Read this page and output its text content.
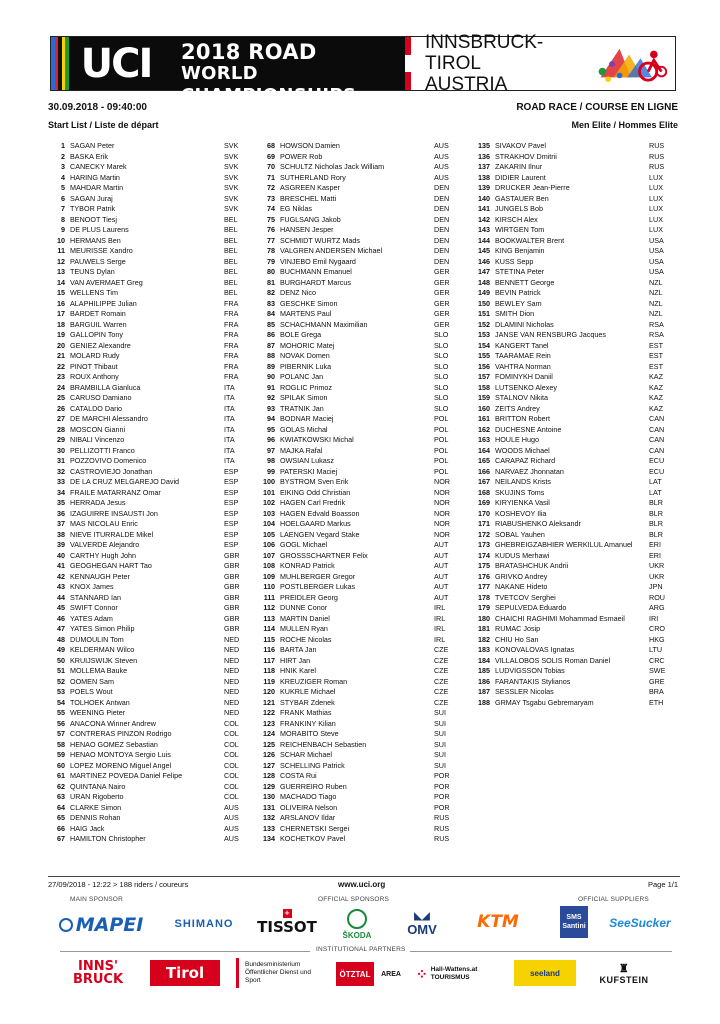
UCI 2018 ROAD
WORLD CHAMPIONSHIPS
INNSBRUCK-TIROL
AUSTRIA
30.09.2018 - 09:40:00	ROAD RACE / COURSE EN LIGNE
Start List / Liste de départ	Men Elite / Hommes Elite
1 SAGAN Peter	SVK
2 BASKA Erik	SVK
3 CANECKY Marek	SVK
4 HARING Martin	SVK
5 MAHDAR Martin	SVK
6 SAGAN Juraj	SVK
7 TYBOR Patrik	SVK
8 BENOOT Tiesj	BEL
9 DE PLUS Laurens	BEL
10 HERMANS Ben	BEL
11 MEURISSE Xandro	BEL
12 PAUWELS Serge	BEL
13 TEUNS Dylan	BEL
14 VAN AVERMAET Greg	BEL
15 WELLENS Tim	BEL
16 ALAPHILIPPE Julian	FRA
17 BARDET Romain	FRA
18 BARGUIL Warren	FRA
19 GALLOPIN Tony	FRA
20 GENIEZ Alexandre	FRA
21 MOLARD Rudy	FRA
22 PINOT Thibaut	FRA
23 ROUX Anthony	FRA
24 BRAMBILLA Gianluca	ITA
25 CARUSO Damiano	ITA
26 CATALDO Dario	ITA
27 DE MARCHI Alessandro	ITA
28 MOSCON Gianni	ITA
29 NIBALI Vincenzo	ITA
30 PELLIZOTTI Franco	ITA
31 POZZOVIVO Domenico	ITA
32 CASTROVIEJO Jonathan	ESP
33 DE LA CRUZ MELGAREJO David	ESP
34 FRAILE MATARRANZ Omar	ESP
35 HERRADA Jesus	ESP
36 IZAGUIRRE INSAUSTI Jon	ESP
37 MAS NICOLAU Enric	ESP
38 NIEVE ITURRALDE Mikel	ESP
39 VALVERDE Alejandro	ESP
40 CARTHY Hugh John	GBR
41 GEOGHEGAN HART Tao	GBR
42 KENNAUGH Peter	GBR
43 KNOX James	GBR
44 STANNARD Ian	GBR
45 SWIFT Connor	GBR
46 YATES Adam	GBR
47 YATES Simon Philip	GBR
48 DUMOULIN Tom	NED
49 KELDERMAN Wilco	NED
50 KRUIJSWIJK Steven	NED
51 MOLLEMA Bauke	NED
52 OOMEN Sam	NED
53 POELS Wout	NED
54 TOLHOEK Antwan	NED
55 WEENING Pieter	NED
56 ANACONA Winner Andrew	COL
57 CONTRERAS PINZON Rodrigo	COL
58 HENAO GOMEZ Sebastian	COL
59 HENAO MONTOYA Sergio Luis	COL
60 LOPEZ MORENO Miguel Angel	COL
61 MARTINEZ POVEDA Daniel Felipe	COL
62 QUINTANA Nairo	COL
63 URAN Rigoberto	COL
64 CLARKE Simon	AUS
65 DENNIS Rohan	AUS
66 HAIG Jack	AUS
67 HAMILTON Christopher	AUS
68 HOWSON Damien	AUS
69 POWER Rob	AUS
70 SCHULTZ Nicholas Jack William	AUS
71 SUTHERLAND Rory	AUS
72 ASGREEN Kasper	DEN
73 BRESCHEL Matti	DEN
74 EG Niklas	DEN
75 FUGLSANG Jakob	DEN
76 HANSEN Jesper	DEN
77 SCHMIDT WURTZ Mads	DEN
78 VALGREN ANDERSEN Michael	DEN
79 VINJEBO Emil Nygaard	DEN
80 BUCHMANN Emanuel	GER
81 BURGHARDT Marcus	GER
82 DENZ Nico	GER
83 GESCHKE Simon	GER
84 MARTENS Paul	GER
85 SCHACHMANN Maximilian	GER
86 BOLE Grega	SLO
87 MOHORIC Matej	SLO
88 NOVAK Domen	SLO
89 PIBERNIK Luka	SLO
90 POLANC Jan	SLO
91 ROGLIC Primoz	SLO
92 SPILAK Simon	SLO
93 TRATNIK Jan	SLO
94 BODNAR Maciej	POL
95 GOLAS Michal	POL
96 KWIATKOWSKI Michal	POL
97 MAJKA Rafal	POL
98 OWSIAN Lukasz	POL
99 PATERSKI Maciej	POL
100 BYSTROM Sven Erik	NOR
101 EIKING Odd Christian	NOR
102 HAGEN Carl Fredrik	NOR
103 HAGEN Edvald Boasson	NOR
104 HOELGAARD Markus	NOR
105 LAENGEN Vegard Stake	NOR
106 GOGL Michael	AUT
107 GROSSSCHARTNER Felix	AUT
108 KONRAD Patrick	AUT
109 MUHLBERGER Gregor	AUT
110 POSTLBERGER Lukas	AUT
111 PREIDLER Georg	AUT
112 DUNNE Conor	IRL
113 MARTIN Daniel	IRL
114 MULLEN Ryan	IRL
115 ROCHE Nicolas	IRL
116 BARTA Jan	CZE
117 HIRT Jan	CZE
118 HNIK Karel	CZE
119 KREUZIGER Roman	CZE
120 KUKRLE Michael	CZE
121 STYBAR Zdenek	CZE
122 FRANK Mathias	SUI
123 FRANKINY Kilian	SUI
124 MORABITO Steve	SUI
125 REICHENBACH Sebastien	SUI
126 SCHAR Michael	SUI
127 SCHELLING Patrick	SUI
128 COSTA Rui	POR
129 GUERREIRO Ruben	POR
130 MACHADO Tiago	POR
131 OLIVEIRA Nelson	POR
132 ARSLANOV Ildar	RUS
133 CHERNETSKI Sergei	RUS
134 KOCHETKOV Pavel	RUS
135 SIVAKOV Pavel	RUS
136 STRAKHOV Dmitrii	RUS
137 ZAKARIN Ilnur	RUS
138 DIDIER Laurent	LUX
139 DRUCKER Jean-Pierre	LUX
140 GASTAUER Ben	LUX
141 JUNGELS Bob	LUX
142 KIRSCH Alex	LUX
143 WIRTGEN Tom	LUX
144 BOOKWALTER Brent	USA
145 KING Benjamin	USA
146 KUSS Sepp	USA
147 STETINA Peter	USA
148 BENNETT George	NZL
149 BEVIN Patrick	NZL
150 BEWLEY Sam	NZL
151 SMITH Dion	NZL
152 DLAMINI Nicholas	RSA
153 JANSE VAN RENSBURG Jacques	RSA
154 KANGERT Tanel	EST
155 TAARAMAE Rein	EST
156 VAHTRA Norman	EST
157 FOMINYKH Daniil	KAZ
158 LUTSENKO Alexey	KAZ
159 STALNOV Nikita	KAZ
160 ZEITS Andrey	KAZ
161 BRITTON Robert	CAN
162 DUCHESNE Antoine	CAN
163 HOULE Hugo	CAN
164 WOODS Michael	CAN
165 CARAPAZ Richard	ECU
166 NARVAEZ Jhonnatan	ECU
167 NEILANDS Krists	LAT
168 SKUJINS Toms	LAT
169 KIRYIENKA Vasil	BLR
170 KOSHEVOY Ilia	BLR
171 RIABUSHENKO Aleksandr	BLR
172 SOBAL Yauhen	BLR
173 GHEBREIGZABHIER WERKILUL Amanuel	ERI
174 KUDUS Merhawi	ERI
175 BRATASHCHUK Andrii	UKR
176 GRIVKO Andrey	UKR
177 NAKANE Hideto	JPN
178 TVETCOV Serghei	ROU
179 SEPULVEDA Eduardo	ARG
180 CHAICHI RAGHIMI Mohammad Esmaeil	IRI
181 RUMAC Josip	CRO
182 CHIU Ho San	HKG
183 KONOVALOVAS Ignatas	LTU
184 VILLALOBOS SOLIS Roman Daniel	CRC
185 LUDVIGSSON Tobias	SWE
186 FARANTAKIS Stylianos	GRE
187 SESSLER Nicolas	BRA
188 GRMAY Tsgabu Gebremaryam	ETH
27/09/2018 - 12:22 > 188 riders / coureurs	www.uci.org	Page 1/1
MAIN SPONSOR	OFFICIAL SPONSORS	OFFICIAL SUPPLIERS
MAPEI	SHIMANO
+
TISSOT	ŠKODA
◣◢
OMV	KTM	SMS Santini SeeSucker
INSTITUTIONAL PARTNERS
INNS' BRUCK	Tirol	Bundesministerium Öffentlicher Dienst und Sport
ÖTZTAL	AREA	⁘ Hall-Wattens.at TOURISMUS	seeland	♜
KUFSTEIN
